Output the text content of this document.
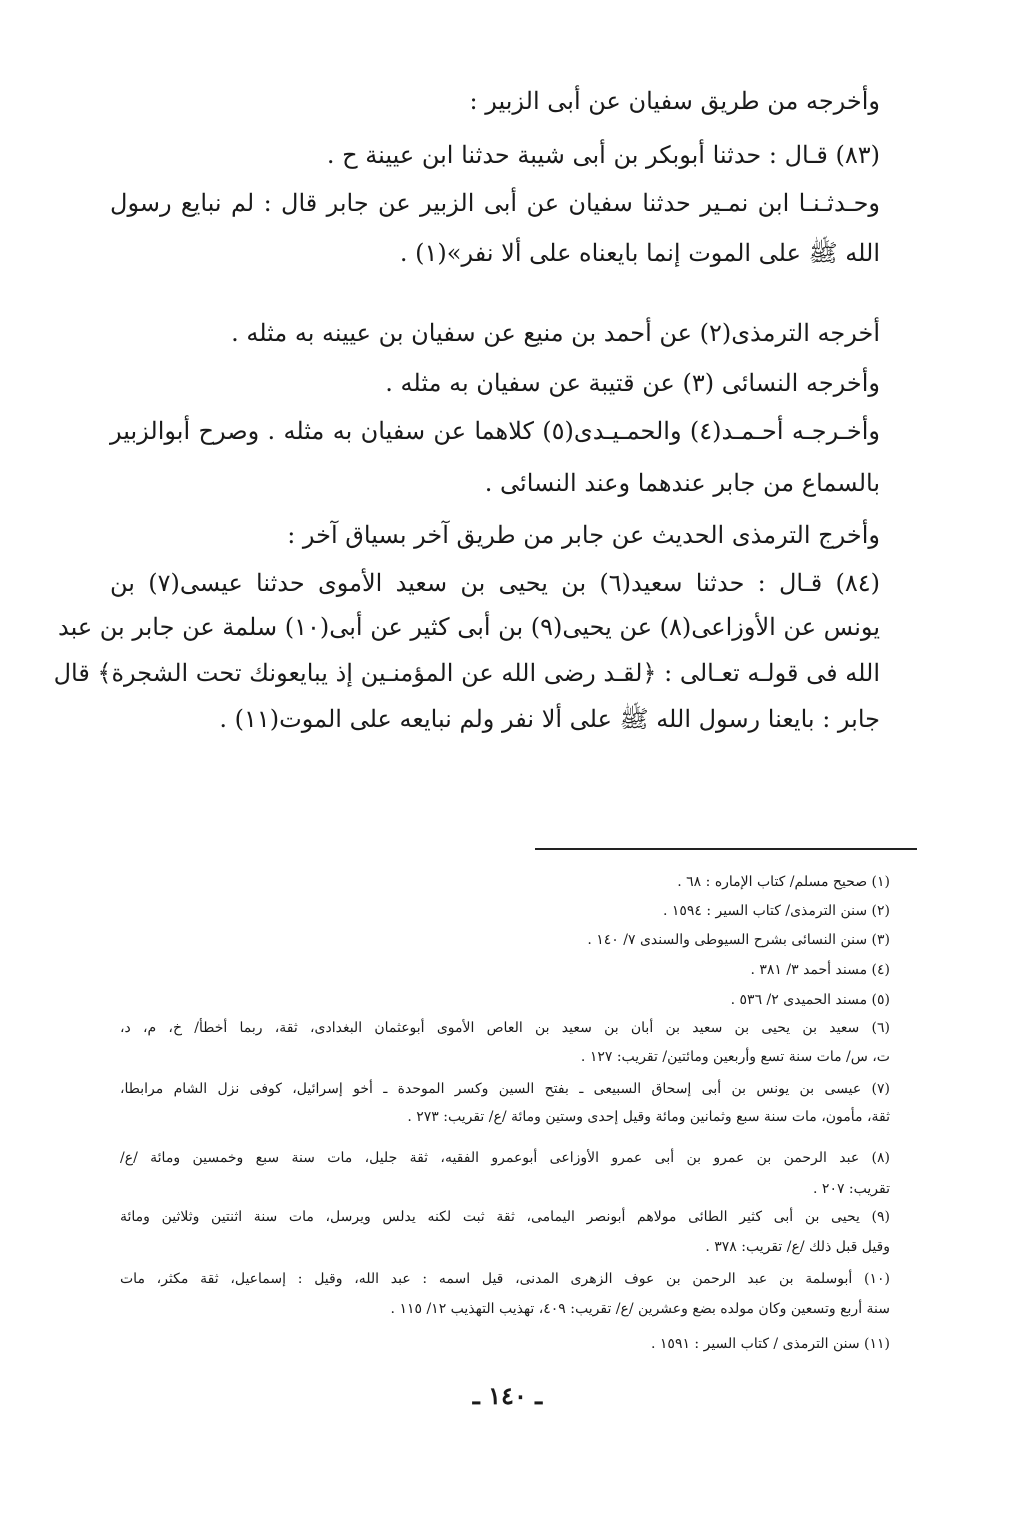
وأخرجه من طريق سفيان عن أبى الزبير :
(٨٣) قـال : حدثنا أبوبكر بن أبى شيبة حدثنا ابن عيينة ح .
وحـدثـنـا ابن نمـير حدثنا سفيان عن أبى الزبير عن جابر قال : لم نبايع رسول
الله ﷺ على الموت إنما بايعناه على ألا نفر»(١) .
أخرجه الترمذى(٢) عن أحمد بن منيع عن سفيان بن عيينه به مثله .
وأخرجه النسائى (٣) عن قتيبة عن سفيان به مثله .
وأخـرجـه أحـمـد(٤) والحمـيـدى(٥) كلاهما عن سفيان به مثله . وصرح أبوالزبير
بالسماع من جابر عندهما وعند النسائى .
وأخرج الترمذى الحديث عن جابر من طريق آخر بسياق آخر :
(٨٤) قـال : حدثنا سعيد(٦) بن يحيى بن سعيد الأموى حدثنا عيسى(٧) بن
يونس عن الأوزاعى(٨) عن يحيى(٩) بن أبى كثير عن أبى(١٠) سلمة عن جابر بن عبد
الله فى قولـه تعـالى : ﴿لقـد رضى الله عن المؤمنـين إذ يبايعونك تحت الشجرة﴾ قال
جابر : بايعنا رسول الله ﷺ على ألا نفر ولم نبايعه على الموت(١١) .
(١) صحيح مسلم/ كتاب الإماره : ٦٨ .
(٢) سنن الترمذى/ كتاب السير : ١٥٩٤ .
(٣) سنن النسائى بشرح السيوطى والسندى ٧/ ١٤٠ .
(٤) مسند أحمد ٣/ ٣٨١ .
(٥) مسند الحميدى ٢/ ٥٣٦ .
(٦) سعيد بن يحيى بن سعيد بن أبان بن سعيد بن العاص الأموى أبوعثمان البغدادى، ثقة، ربما أخطأ/ خ، م، د،
ت، س/ مات سنة تسع وأربعين ومائتين/ تقريب: ١٢٧ .
(٧) عيسى بن يونس بن أبى إسحاق السبيعى ـ بفتح السين وكسر الموحدة ـ أخو إسرائيل، كوفى نزل الشام مرابطا،
ثقة، مأمون، مات سنة سبع وثمانين ومائة وقيل إحدى وستين ومائة /ع/ تقريب: ٢٧٣ .
(٨) عبد الرحمن بن عمرو بن أبى عمرو الأوزاعى أبوعمرو الفقيه، ثقة جليل، مات سنة سبع وخمسين ومائة /ع/
تقريب: ٢٠٧ .
(٩) يحيى بن أبى كثير الطائى مولاهم أبونصر اليمامى، ثقة ثبت لكنه يدلس ويرسل، مات سنة اثنتين وثلاثين ومائة
وقيل قبل ذلك /ع/ تقريب: ٣٧٨ .
(١٠) أبوسلمة بن عبد الرحمن بن عوف الزهرى المدنى، قيل اسمه : عبد الله، وقيل : إسماعيل، ثقة مكثر، مات
سنة أربع وتسعين وكان مولده بضع وعشرين /ع/ تقريب: ٤٠٩، تهذيب التهذيب ١٢/ ١١٥ .
(١١) سنن الترمذى / كتاب السير : ١٥٩١ .
ـ ١٤٠ ـ
